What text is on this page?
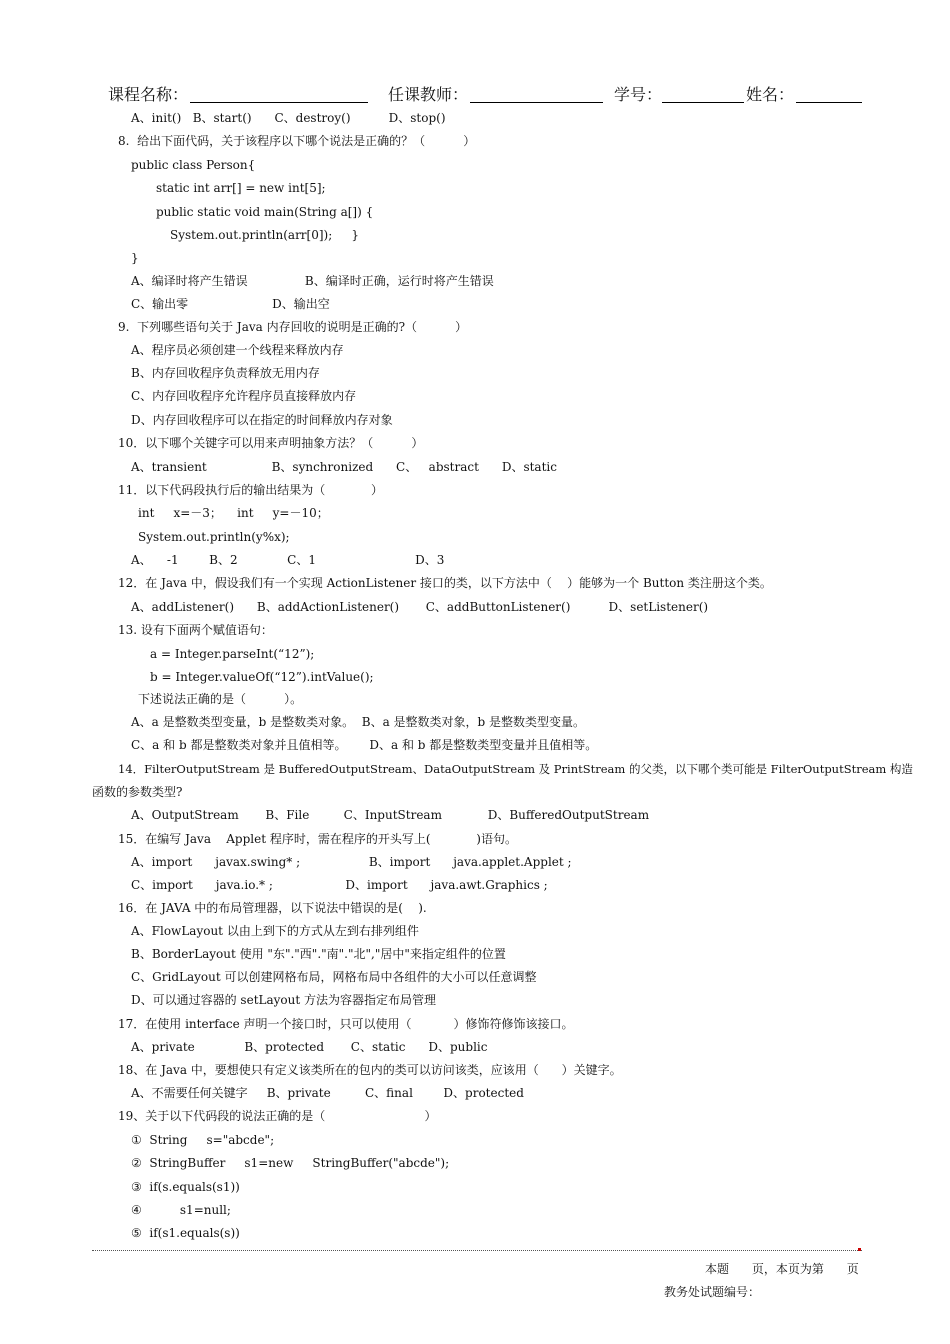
课程名称：	任课教师：	学号：	姓名：
A、init()   B、start()      C、destroy()          D、stop()
8.  给出下面代码，关于该程序以下哪个说法是正确的？（          ）
public class Person{
static int arr[] = new int[5];
public static void main(String a[]) {
System.out.println(arr[0]);     }
}
A、编译时将产生错误               B、编译时正确，运行时将产生错误
C、输出零                      D、输出空
9.  下列哪些语句关于 Java 内存回收的说明是正确的?（          ）
A、程序员必须创建一个线程来释放内存
B、内存回收程序负责释放无用内存
C、内存回收程序允许程序员直接释放内存
D、内存回收程序可以在指定的时间释放内存对象
10．以下哪个关键字可以用来声明抽象方法？（          ）
A、transient                 B、synchronized      C、   abstract      D、static
11．以下代码段执行后的输出结果为（            ）
int     x=－3；    int     y=－10；
System.out.println(y%x);
A、    -1        B、2             C、1                          D、3
12．在 Java 中，假设我们有一个实现 ActionListener 接口的类，以下方法中（    ）能够为一个 Button 类注册这个类。
A、addListener()      B、addActionListener()       C、addButtonListener()          D、setListener()
13. 设有下面两个赋值语句：
a = Integer.parseInt(“12”);
b = Integer.valueOf(“12”).intValue();
下述说法正确的是（          ）。
A、a 是整数类型变量，b 是整数类对象。  B、a 是整数类对象，b 是整数类型变量。
C、a 和 b 都是整数类对象并且值相等。      D、a 和 b 都是整数类型变量并且值相等。
14．FilterOutputStream 是 BufferedOutputStream、DataOutputStream 及 PrintStream 的父类，以下哪个类可能是 FilterOutputStream 构造
函数的参数类型?
A、OutputStream       B、File         C、InputStream            D、BufferedOutputStream
15．在编写 Java    Applet 程序时，需在程序的开头写上(            )语句。
A、import      javax.swing* ;                  B、import      java.applet.Applet ;
C、import      java.io.* ;                   D、import      java.awt.Graphics ;
16．在 JAVA 中的布局管理器，以下说法中错误的是(    ).
A、FlowLayout 以由上到下的方式从左到右排列组件
B、BorderLayout 使用 "东"."西"."南"."北","居中"来指定组件的位置
C、GridLayout 可以创建网格布局，网格布局中各组件的大小可以任意调整
D、可以通过容器的 setLayout 方法为容器指定布局管理
17．在使用 interface 声明一个接口时，只可以使用（           ）修饰符修饰该接口。
A、private             B、protected       C、static      D、public
18、在 Java 中，要想使只有定义该类所在的包内的类可以访问该类，应该用（      ）关键字。
A、不需要任何关键字     B、private         C、final        D、protected
19、关于以下代码段的说法正确的是（                          ）
①  String     s="abcde";
②  StringBuffer     s1=new     StringBuffer("abcde");
③  if(s.equals(s1))
④          s1=null;
⑤  if(s1.equals(s))
本题      页，本页为第      页
教务处试题编号：
